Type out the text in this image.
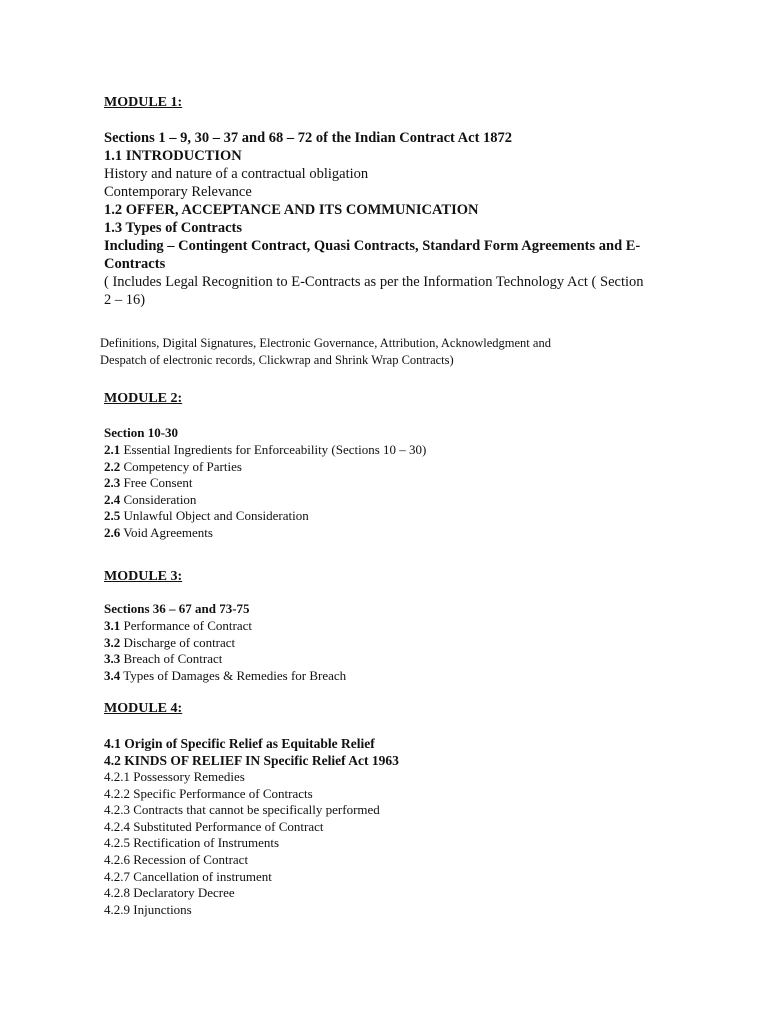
MODULE 1:
Sections 1 – 9, 30 – 37 and 68 – 72 of the Indian Contract Act 1872
1.1 INTRODUCTION
History and nature of a contractual obligation
Contemporary Relevance
1.2 OFFER, ACCEPTANCE AND ITS COMMUNICATION
1.3 Types of Contracts
Including – Contingent Contract, Quasi Contracts, Standard Form Agreements and E-
Contracts
( Includes Legal Recognition to E-Contracts as per the Information Technology Act ( Section
2 – 16)
Definitions, Digital Signatures, Electronic Governance, Attribution, Acknowledgment and
Despatch of electronic records, Clickwrap and Shrink Wrap Contracts)
MODULE 2:
Section 10-30
2.1 Essential Ingredients for Enforceability (Sections 10 – 30)
2.2 Competency of Parties
2.3 Free Consent
2.4 Consideration
2.5 Unlawful Object and Consideration
2.6 Void Agreements
MODULE 3:
Sections 36 – 67 and 73-75
3.1 Performance of Contract
3.2 Discharge of contract
3.3 Breach of Contract
3.4 Types of Damages & Remedies for Breach
MODULE 4:
4.1 Origin of Specific Relief as Equitable Relief
4.2 KINDS OF RELIEF IN Specific Relief Act 1963
4.2.1 Possessory Remedies
4.2.2 Specific Performance of Contracts
4.2.3 Contracts that cannot be specifically performed
4.2.4 Substituted Performance of Contract
4.2.5 Rectification of Instruments
4.2.6 Recession of Contract
4.2.7 Cancellation of instrument
4.2.8 Declaratory Decree
4.2.9 Injunctions
